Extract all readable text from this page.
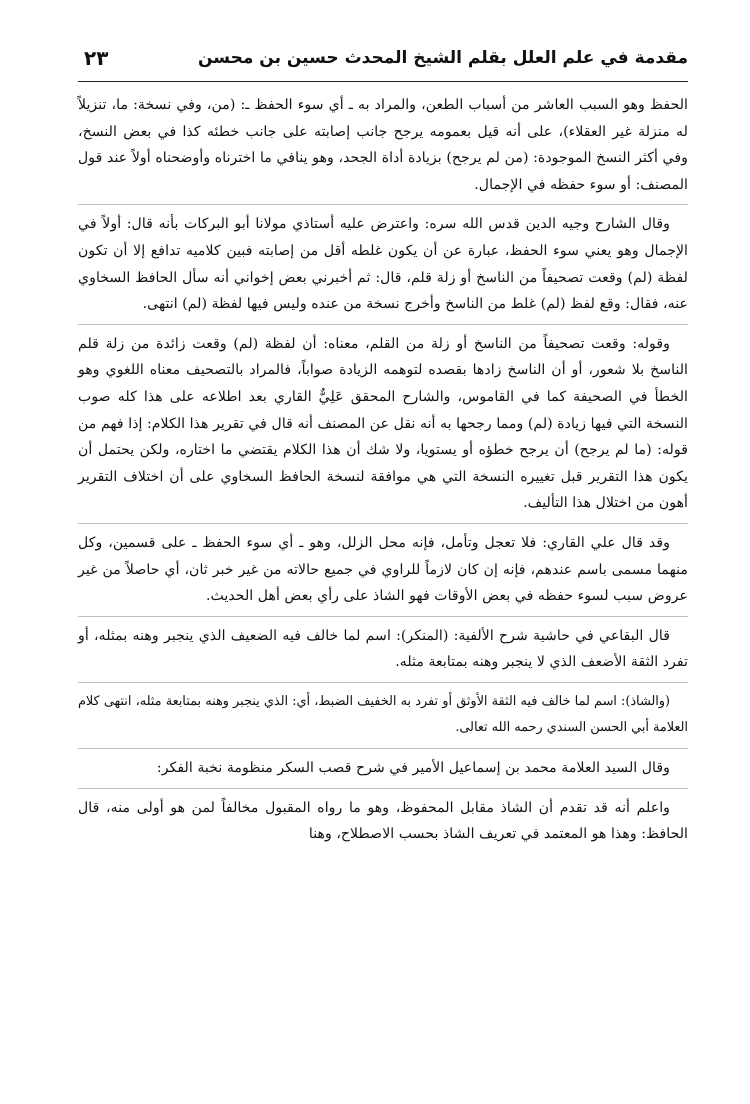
مقدمة في علم العلل بقلم الشيخ المحدث حسين بن محسن
٢٣

الحفظ وهو السبب العاشر من أسباب الطعن، والمراد به ـ أي سوء الحفظ ـ: (من، وفي نسخة: ما، تنزيلاً له منزلة غير العقلاء)، على أنه قيل بعمومه يرجح جانب إصابته على جانب خطئه كذا في بعض النسخ، وفي أكثر النسخ الموجودة: (من لم يرجح) بزيادة أداة الجحد، وهو ينافي ما اخترناه وأوضحناه أولاً عند قول المصنف: أو سوء حفظه في الإجمال.

وقال الشارح وجيه الدين قدس الله سره: واعترض عليه أستاذي مولانا أبو البركات بأنه قال: أولاً في الإجمال وهو يعني سوء الحفظ، عبارة عن أن يكون غلطه أقل من إصابته فبين كلاميه تدافع إلا أن تكون لفظة (لم) وقعت تصحيفاً من الناسخ أو زلة قلم، قال: ثم أخبرني بعض إخواني أنه سأل الحافظ السخاوي عنه، فقال: وقع لفظ (لم) غلط من الناسخ وأخرج نسخة من عنده وليس فيها لفظة (لم) انتهى.

وقوله: وقعت تصحيفاً من الناسخ أو زلة من القلم، معناه: أن لفظة (لم) وقعت زائدة من زلة قلم الناسخ بلا شعور، أو أن الناسخ زادها بقصده لتوهمه الزيادة صواباً، فالمراد بالتصحيف معناه اللغوي وهو الخطأ في الصحيفة كما في القاموس، والشارح المحقق عَلِيٌّ القاري بعد اطلاعه على هذا كله صوب النسخة التي فيها زيادة (لم) ومما رجحها به أنه نقل عن المصنف أنه قال في تقرير هذا الكلام: إذا فهم من قوله: (ما لم يرجح) أن يرجح خطؤه أو يستويا، ولا شك أن هذا الكلام يقتضي ما اختاره، ولكن يحتمل أن يكون هذا التقرير قبل تغييره النسخة التي هي موافقة لنسخة الحافظ السخاوي على أن اختلاف التقرير أهون من اختلال هذا التأليف.

وقد قال علي القاري: فلا تعجل وتأمل، فإنه محل الزلل، وهو ـ أي سوء الحفظ ـ على قسمين، وكل منهما مسمى باسم عندهم، فإنه إن كان لازماً للراوي في جميع حالاته من غير خبر ثان، أي حاصلاً من غير عروض سبب لسوء حفظه في بعض الأوقات فهو الشاذ على رأي بعض أهل الحديث.

قال البقاعي في حاشية شرح الألفية: (المنكر): اسم لما خالف فيه الضعيف الذي ينجبر وهنه بمثله، أو تفرد الثقة الأضعف الذي لا ينجبر وهنه بمتابعة مثله.

(والشاذ): اسم لما خالف فيه الثقة الأوثق أو تفرد به الخفيف الضبط، أي: الذي ينجبر وهنه بمتابعة مثله، انتهى كلام العلامة أبي الحسن السندي رحمه الله تعالى.

وقال السيد العلامة محمد بن إسماعيل الأمير في شرح قصب السكر منظومة نخبة الفكر:

واعلم أنه قد تقدم أن الشاذ مقابل المحفوظ، وهو ما رواه المقبول مخالفاً لمن هو أولى منه، قال الحافظ: وهذا هو المعتمد في تعريف الشاذ بحسب الاصطلاح، وهنا
